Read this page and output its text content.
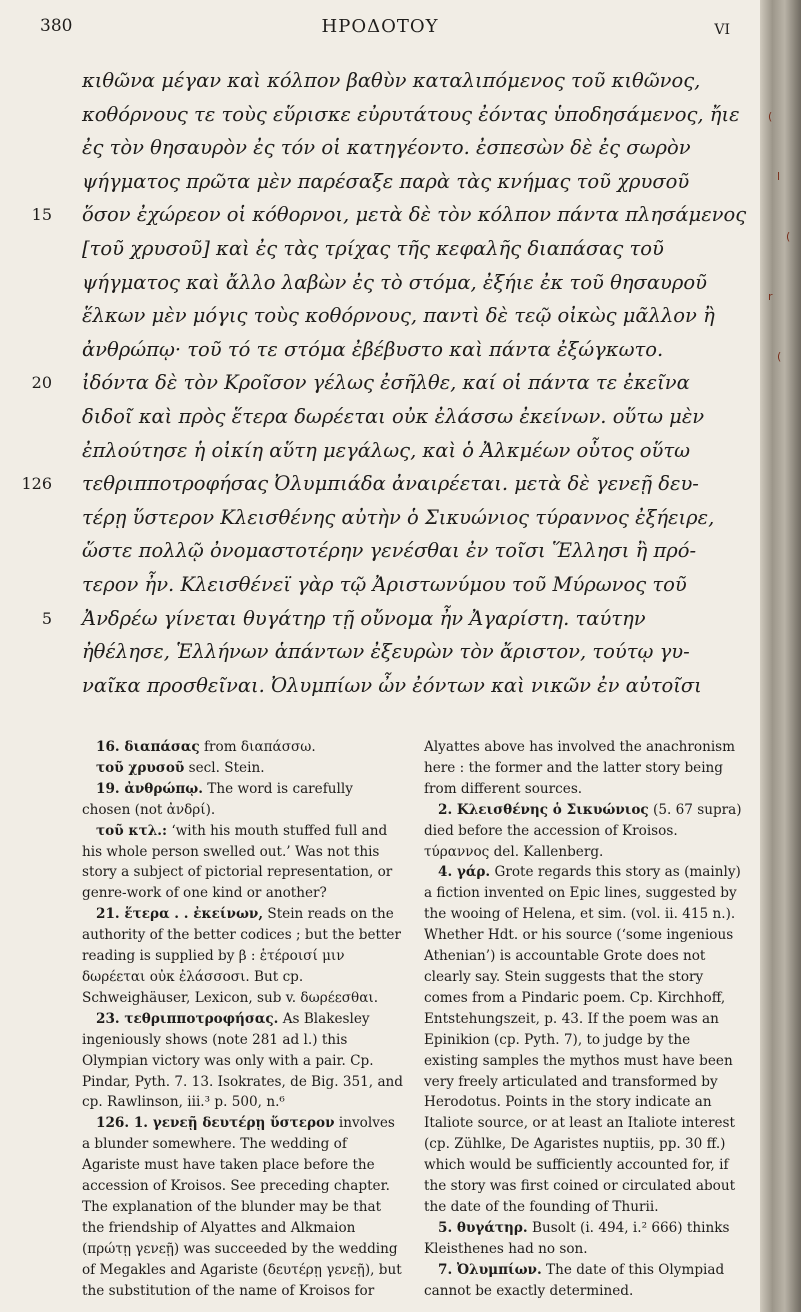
380	ΗΡΟΔΟΤΟΥ	VI
κιθῶνα μέγαν καὶ κόλπον βαθὺν καταλιπόμενος τοῦ κιθῶνος,
κοθόρνους τε τοὺς εὕρισκε εὐρυτάτους ἐόντας ὑποδησάμενος, ἤιε
ἐς τὸν θησαυρὸν ἐς τόν οἱ κατηγέοντο. ἐσπεσὼν δὲ ἐς σωρὸν
ψήγματος πρῶτα μὲν παρέσαξε παρὰ τὰς κνήμας τοῦ χρυσοῦ
15 ὅσον ἐχώρεον οἱ κόθορνοι, μετὰ δὲ τὸν κόλπον πάντα πλησάμενος
[τοῦ χρυσοῦ] καὶ ἐς τὰς τρίχας τῆς κεφαλῆς διαπάσας τοῦ
ψήγματος καὶ ἄλλο λαβὼν ἐς τὸ στόμα, ἐξήιε ἐκ τοῦ θησαυροῦ
ἕλκων μὲν μόγις τοὺς κοθόρνους, παντὶ δὲ τεῷ οἰκὼς μᾶλλον ἢ
ἀνθρώπῳ· τοῦ τό τε στόμα ἐβέβυστο καὶ πάντα ἐξώγκωτο.
20 ἰδόντα δὲ τὸν Κροῖσον γέλως ἐσῆλθε, καί οἱ πάντα τε ἐκεῖνα
διδοῖ καὶ πρὸς ἕτερα δωρέεται οὐκ ἐλάσσω ἐκείνων. οὕτω μὲν
ἐπλούτησε ἡ οἰκίη αὕτη μεγάλως, καὶ ὁ Ἀλκμέων οὗτος οὕτω
126 τεθριπποτροφήσας Ὀλυμπιάδα ἀναιρέεται. μετὰ δὲ γενεῇ δευ-
τέρῃ ὕστερον Κλεισθένης αὐτὴν ὁ Σικυώνιος τύραννος ἐξήειρε,
ὥστε πολλῷ ὀνομαστοτέρην γενέσθαι ἐν τοῖσι Ἕλλησι ἢ πρό-
τερον ἦν. Κλεισθένεϊ γὰρ τῷ Ἀριστωνύμου τοῦ Μύρωνος τοῦ
5 Ἀνδρέω γίνεται θυγάτηρ τῇ οὔνομα ἦν Ἀγαρίστη. ταύτην
ἠθέλησε, Ἑλλήνων ἁπάντων ἐξευρὼν τὸν ἄριστον, τούτῳ γυ-
ναῖκα προσθεῖναι. Ὀλυμπίων ὦν ἐόντων καὶ νικῶν ἐν αὐτοῖσι

16. διαπάσας from διαπάσσω.

τοῦ χρυσοῦ secl. Stein.

19. ἀνθρώπῳ. The word is carefully chosen (not ἀνδρί).

τοῦ κτλ.: ‘with his mouth stuffed full and his whole person swelled out.’ Was not this story a subject of pictorial representation, or genre-work of one kind or another?

21. ἕτερα . . ἐκείνων, Stein reads on the authority of the better codices ; but the better reading is supplied by β : ἑτέροισί μιν δωρέεται οὐκ ἐλάσσοσι. But cp. Schweighäuser, Lexicon, sub v. δωρέεσθαι.

23. τεθριπποτροφήσας. As Blakesley ingeniously shows (note 281 ad l.) this Olympian victory was only with a pair. Cp. Pindar, Pyth. 7. 13. Isokrates, de Big. 351, and cp. Rawlinson, iii.³ p. 500, n.⁶

126. 1. γενεῇ δευτέρῃ ὕστερον involves a blunder somewhere. The wedding of Agariste must have taken place before the accession of Kroisos. See preceding chapter. The explanation of the blunder may be that the friendship of Alyattes and Alkmaion (πρώτῃ γενεῇ) was succeeded by the wedding of Megakles and Agariste (δευτέρῃ γενεῇ), but the substitution of the name of Kroisos for

Alyattes above has involved the anachronism here : the former and the latter story being from different sources.

2. Κλεισθένης ὁ Σικυώνιος (5. 67 supra) died before the accession of Kroisos. τύραννος del. Kallenberg.

4. γάρ. Grote regards this story as (mainly) a fiction invented on Epic lines, suggested by the wooing of Helena, et sim. (vol. ii. 415 n.). Whether Hdt. or his source (‘some ingenious Athenian’) is accountable Grote does not clearly say. Stein suggests that the story comes from a Pindaric poem. Cp. Kirchhoff, Entstehungszeit, p. 43. If the poem was an Epinikion (cp. Pyth. 7), to judge by the existing samples the mythos must have been very freely articulated and transformed by Herodotus. Points in the story indicate an Italiote source, or at least an Italiote interest (cp. Zühlke, De Agaristes nuptiis, pp. 30 ff.) which would be sufficiently accounted for, if the story was first coined or circulated about the date of the founding of Thurii.

5. θυγάτηρ. Busolt (i. 494, i.² 666) thinks Kleisthenes had no son.

7. Ὀλυμπίων. The date of this Olympiad cannot be exactly determined.

(
l
(
r
(
